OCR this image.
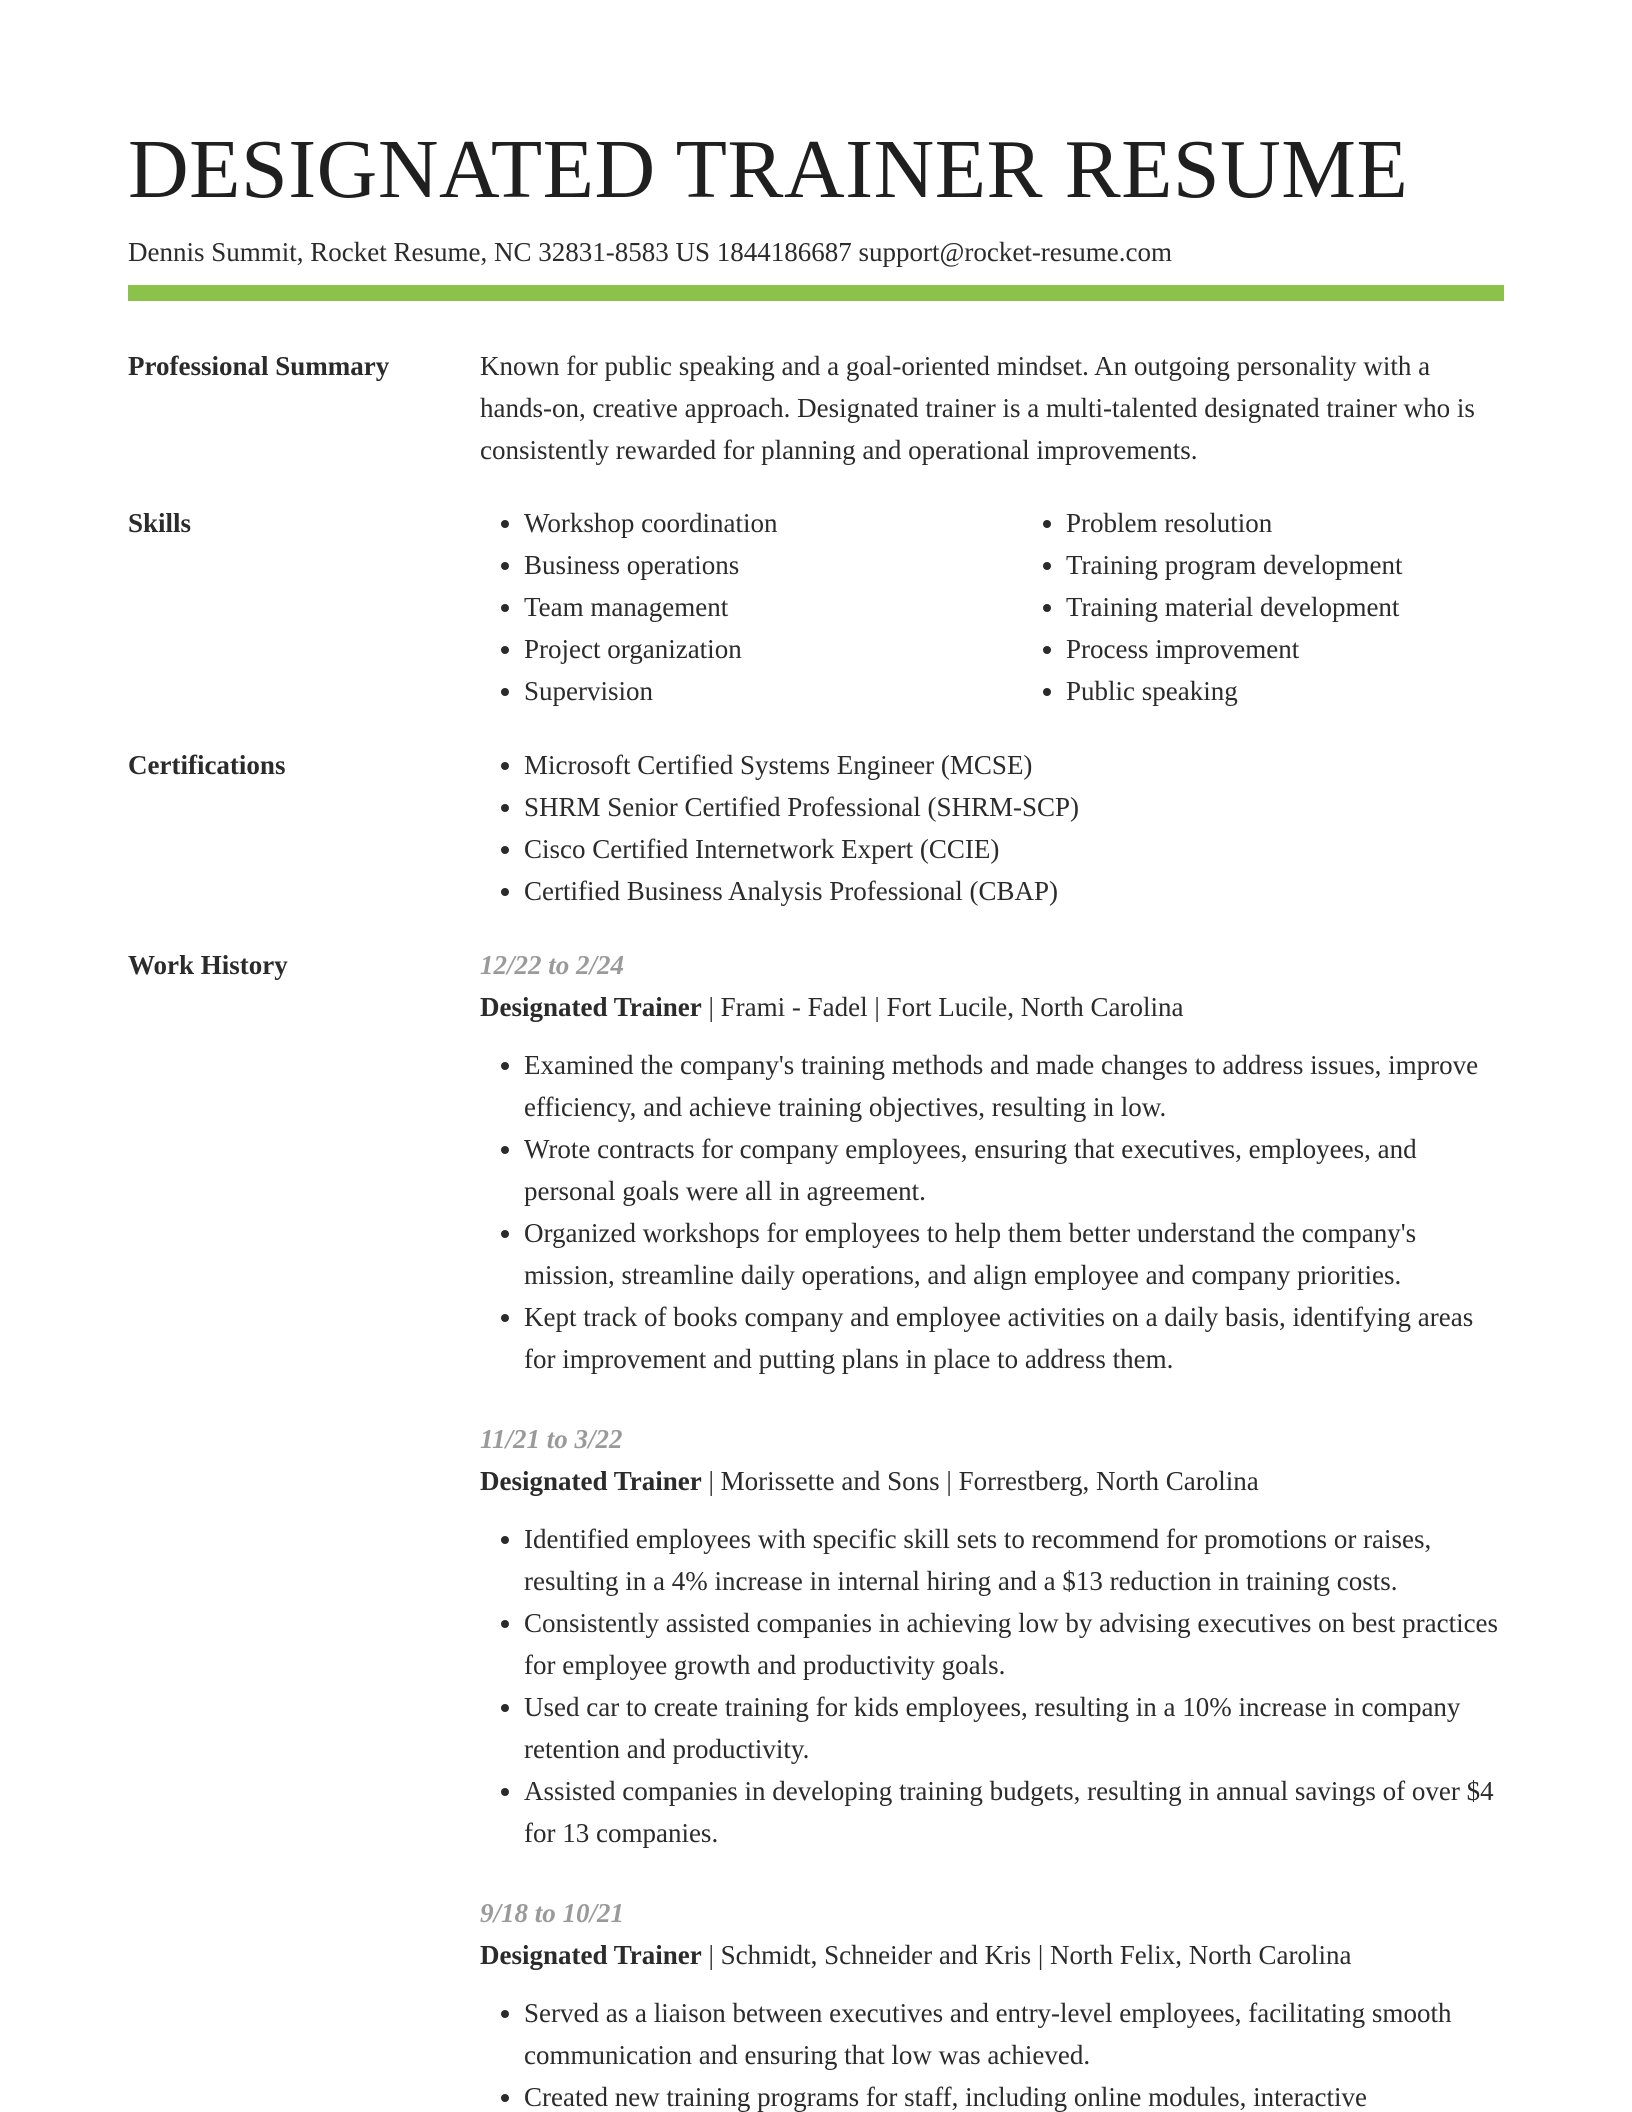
DESIGNATED TRAINER RESUME
Dennis Summit, Rocket Resume, NC 32831-8583 US 1844186687 support@rocket-resume.com
Professional Summary	Known for public speaking and a goal-oriented mindset. An outgoing personality with a hands-on, creative approach. Designated trainer is a multi-talented designated trainer who is consistently rewarded for planning and operational improvements.

Skills	• Workshop coordination
• Business operations
• Team management
• Project organization
• Supervision
• Problem resolution
• Training program development
• Training material development
• Process improvement
• Public speaking
Certifications	• Microsoft Certified Systems Engineer (MCSE)
• SHRM Senior Certified Professional (SHRM-SCP)
• Cisco Certified Internetwork Expert (CCIE)
• Certified Business Analysis Professional (CBAP)
Work History	12/22 to 2/24
Designated Trainer | Frami - Fadel | Fort Lucile, North Carolina
• Examined the company's training methods and made changes to address issues, improve efficiency, and achieve training objectives, resulting in low.
• Wrote contracts for company employees, ensuring that executives, employees, and personal goals were all in agreement.
• Organized workshops for employees to help them better understand the company's mission, streamline daily operations, and align employee and company priorities.
• Kept track of books company and employee activities on a daily basis, identifying areas for improvement and putting plans in place to address them.
11/21 to 3/22
Designated Trainer | Morissette and Sons | Forrestberg, North Carolina
• Identified employees with specific skill sets to recommend for promotions or raises, resulting in a 4% increase in internal hiring and a $13 reduction in training costs.
• Consistently assisted companies in achieving low by advising executives on best practices for employee growth and productivity goals.
• Used car to create training for kids employees, resulting in a 10% increase in company retention and productivity.
• Assisted companies in developing training budgets, resulting in annual savings of over $4 for 13 companies.
9/18 to 10/21
Designated Trainer | Schmidt, Schneider and Kris | North Felix, North Carolina
• Served as a liaison between executives and entry-level employees, facilitating smooth communication and ensuring that low was achieved.
• Created new training programs for staff, including online modules, interactive
